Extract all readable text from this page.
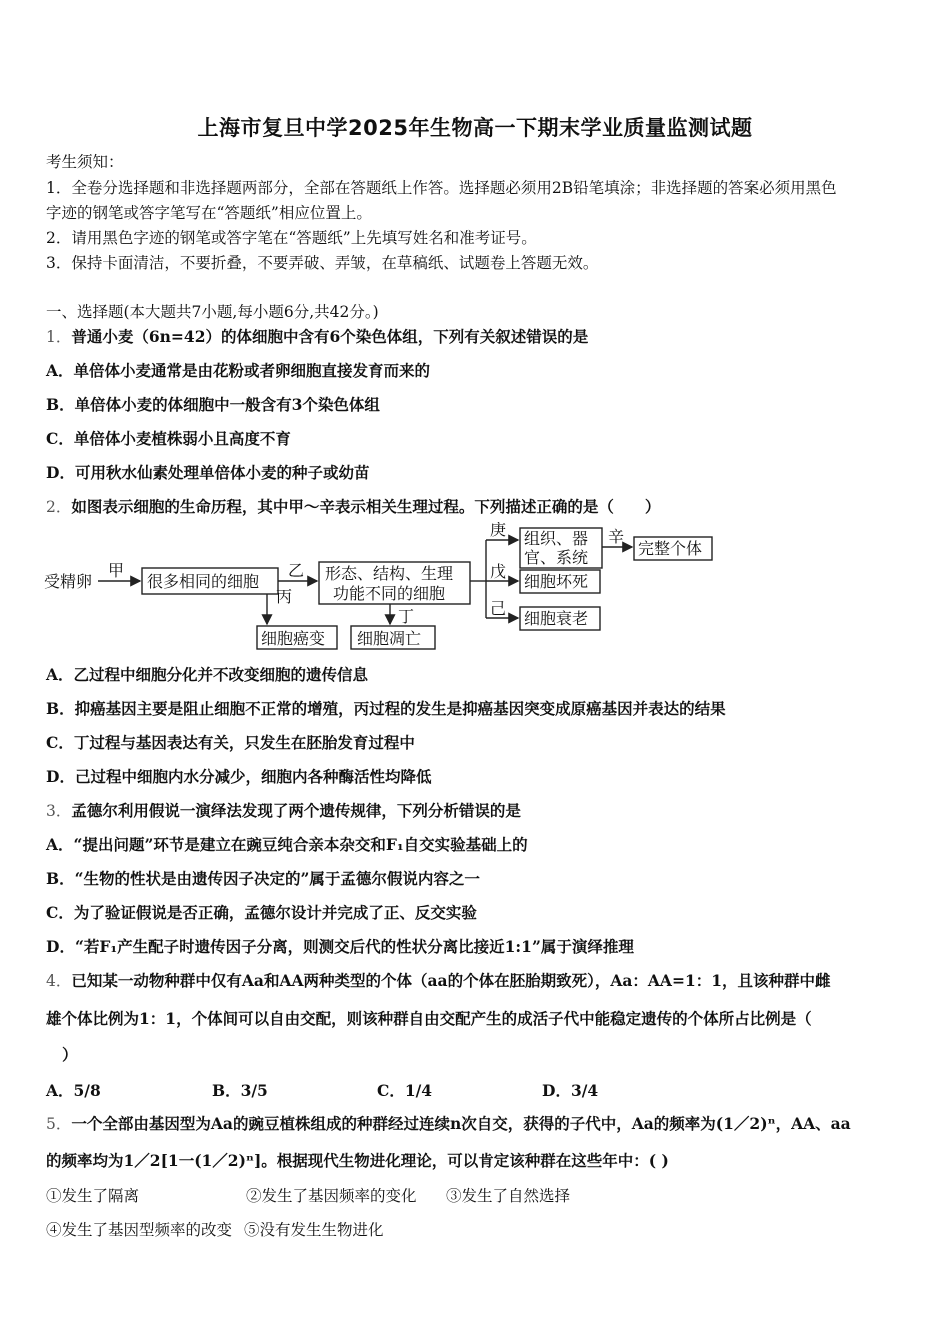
上海市复旦中学2025年生物高一下期末学业质量监测试题
考生须知：
1．全卷分选择题和非选择题两部分，全部在答题纸上作答。选择题必须用2B铅笔填涂；非选择题的答案必须用黑色
字迹的钢笔或答字笔写在“答题纸”相应位置上。
2．请用黑色字迹的钢笔或答字笔在“答题纸”上先填写姓名和准考证号。
3．保持卡面清洁，不要折叠，不要弄破、弄皱，在草稿纸、试题卷上答题无效。
一、选择题(本大题共7小题,每小题6分,共42分。)
1．普通小麦（6n=42）的体细胞中含有6个染色体组，下列有关叙述错误的是
A．单倍体小麦通常是由花粉或者卵细胞直接发育而来的
B．单倍体小麦的体细胞中一般含有3个染色体组
C．单倍体小麦植株弱小且高度不育
D．可用秋水仙素处理单倍体小麦的种子或幼苗
2．如图表示细胞的生命历程，其中甲～辛表示相关生理过程。下列描述正确的是（　　）
受精卵
甲
很多相同的细胞
乙
丙
形态、结构、生理
功能不同的细胞
丁
细胞癌变 细胞凋亡
庚
戊
己
组织、器
官、系统
辛
完整个体
细胞坏死
细胞衰老
A．乙过程中细胞分化并不改变细胞的遗传信息
B．抑癌基因主要是阻止细胞不正常的增殖，丙过程的发生是抑癌基因突变成原癌基因并表达的结果
C．丁过程与基因表达有关，只发生在胚胎发育过程中
D．己过程中细胞内水分减少，细胞内各种酶活性均降低
3．孟德尔利用假说一演绎法发现了两个遗传规律，下列分析错误的是
A．“提出问题”环节是建立在豌豆纯合亲本杂交和F₁自交实验基础上的
B．“生物的性状是由遗传因子决定的”属于孟德尔假说内容之一
C．为了验证假说是否正确，孟德尔设计并完成了正、反交实验
D．“若F₁产生配子时遗传因子分离，则测交后代的性状分离比接近1:1”属于演绎推理
4．已知某一动物种群中仅有Aa和AA两种类型的个体（aa的个体在胚胎期致死），Aa：AA=1：1，且该种群中雌
雄个体比例为1：1，个体间可以自由交配，则该种群自由交配产生的成活子代中能稳定遗传的个体所占比例是（
）
A．5/8	B．3/5	C．1/4	D．3/4
5．一个全部由基因型为Aa的豌豆植株组成的种群经过连续n次自交，获得的子代中，Aa的频率为(1／2)ⁿ，AA、aa
的频率均为1／2[1一(1／2)ⁿ]。根据现代生物进化理论，可以肯定该种群在这些年中：( )
①发生了隔离	②发生了基因频率的变化 ③发生了自然选择
④发生了基因型频率的改变 ⑤没有发生生物进化
